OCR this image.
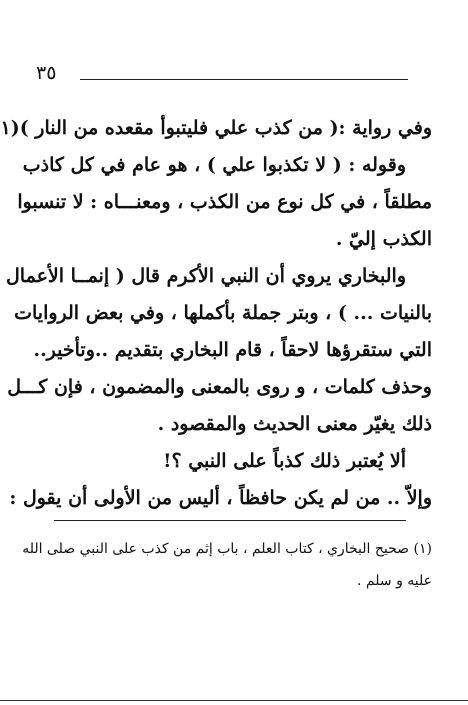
٣٥
وفي رواية :( من كذب علي فليتبوأ مقعده من النار )(١
وقوله : ( لا تكذبوا علي ) ، هو عام في كل كاذب
مطلقاً ، في كل نوع من الكذب ، ومعنـــاه : لا تنسبوا
الكذب إليّ .
والبخاري يروي أن النبي الأكرم قال ( إنمــا الأعمال
بالنيات ... ) ، وبتر جملة بأكملها ، وفي بعض الروايات
التي ستقرؤها لاحقاً ، قام البخاري بتقديم ..وتأخير..
وحذف كلمات ، و روى بالمعنى والمضمون ، فإن كـــل
ذلك يغيّر معنى الحديث والمقصود .
ألا يُعتبر ذلك كذباً على النبي ؟!
وإلاّ .. من لم يكن حافظاً ، أليس من الأولى أن يقول :
(١) صحيح البخاري ، كتاب العلم ، باب إثم من كذب على النبي صلى الله
عليه و سلم .
